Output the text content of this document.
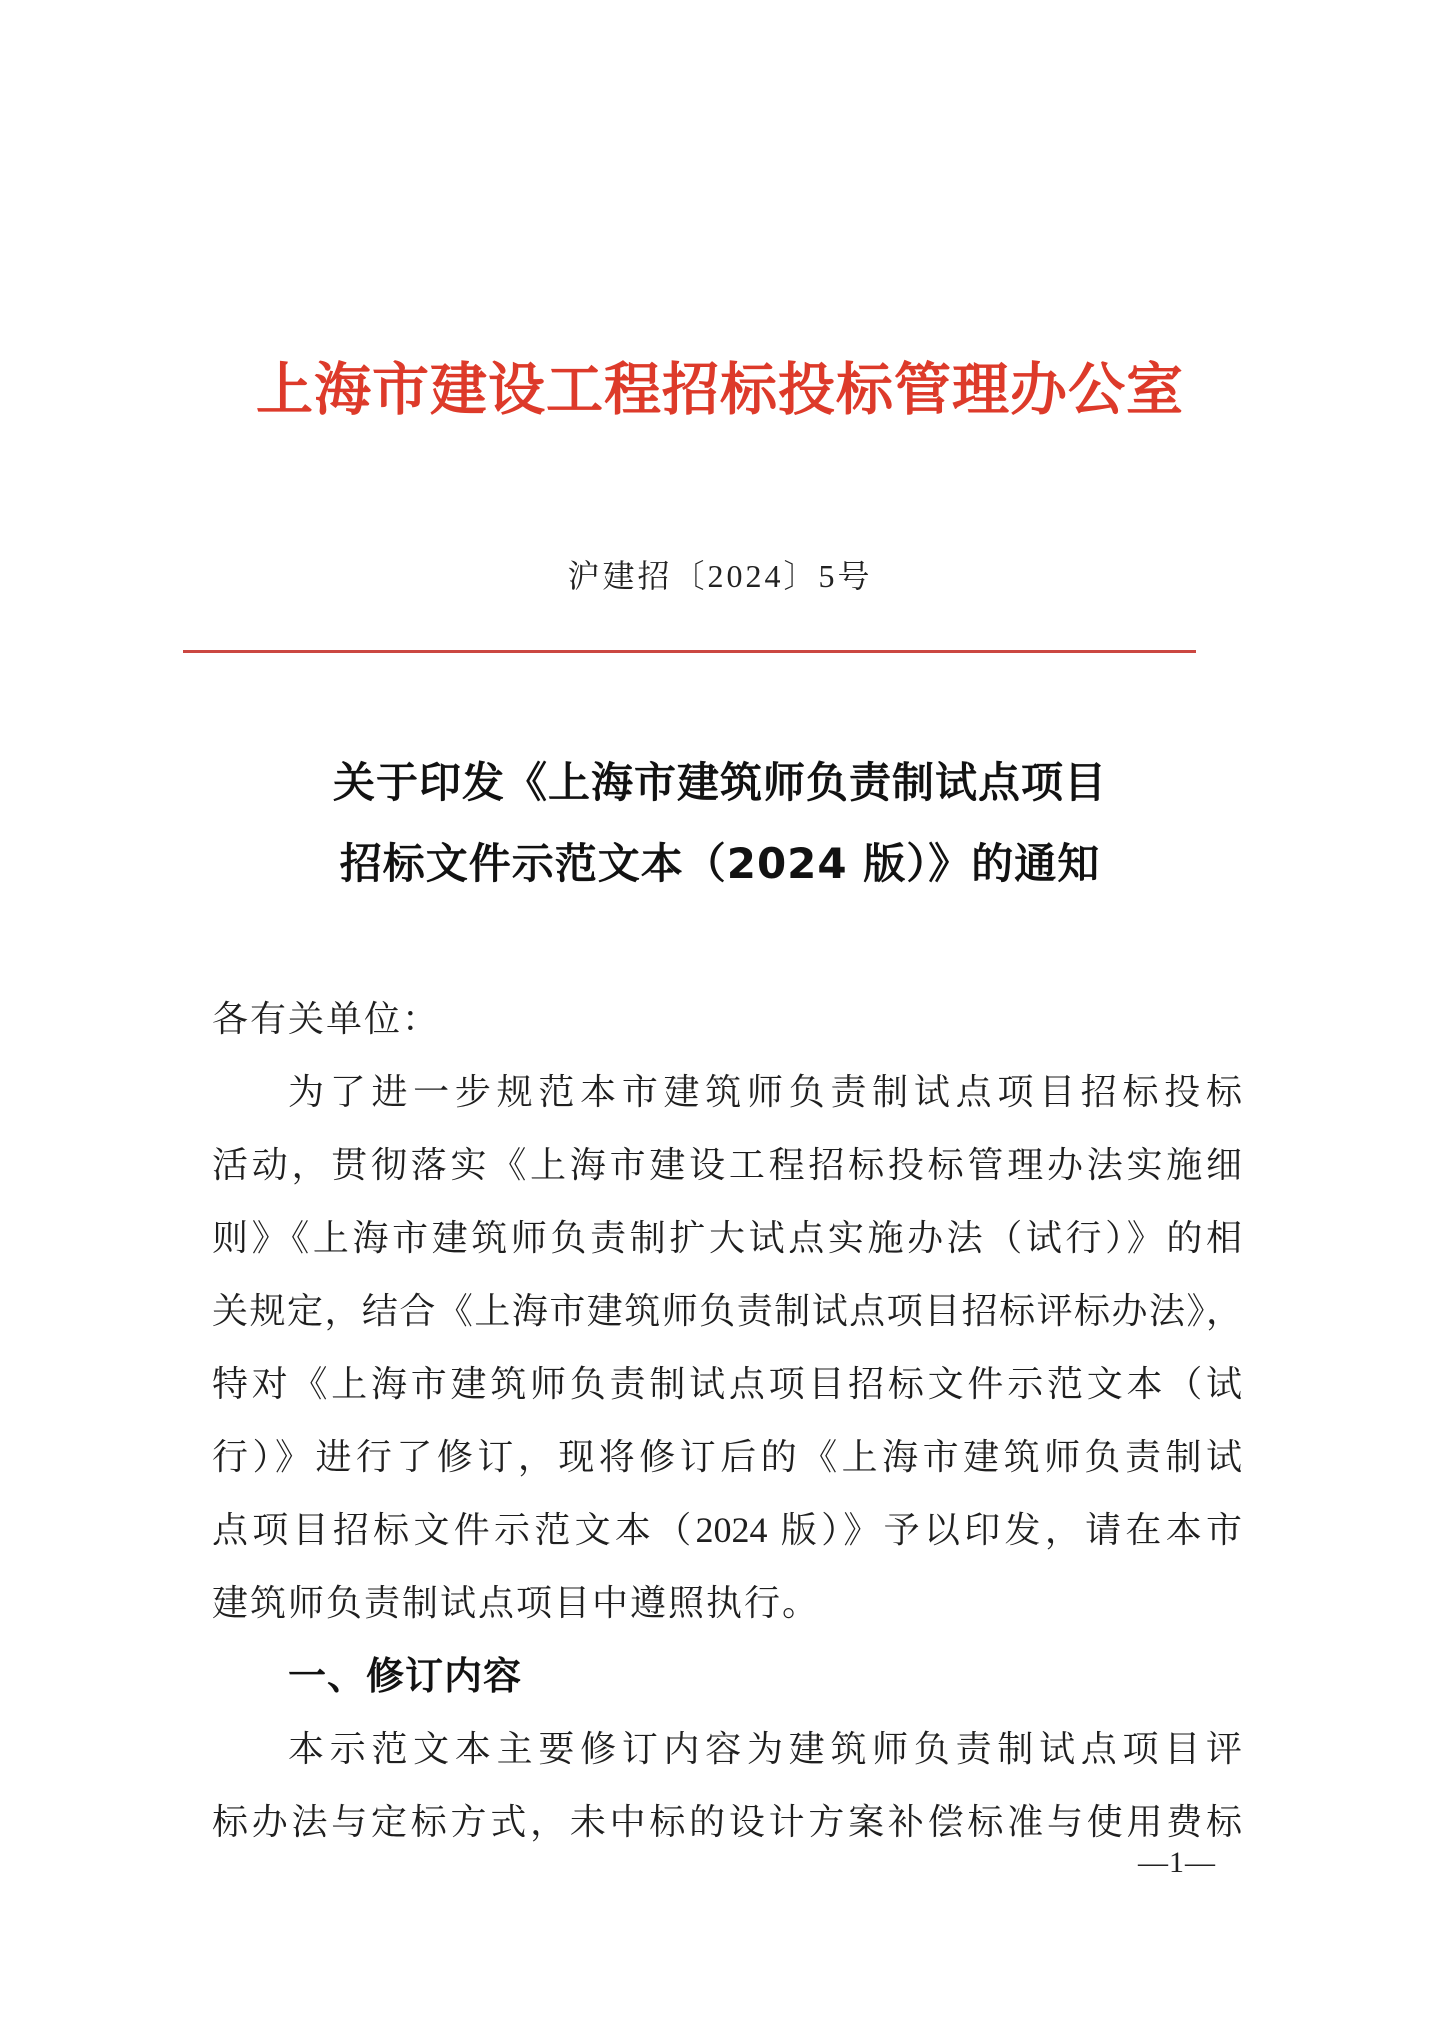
上海市建设工程招标投标管理办公室
沪建招〔2024〕5号
关于印发《上海市建筑师负责制试点项目
招标文件示范文本（2024 版）》的通知
各有关单位：
为了进一步规范本市建筑师负责制试点项目招标投标
活动，贯彻落实《上海市建设工程招标投标管理办法实施细
则》《上海市建筑师负责制扩大试点实施办法（试行）》的相
关规定，结合《上海市建筑师负责制试点项目招标评标办法》，
特对《上海市建筑师负责制试点项目招标文件示范文本（试
行）》进行了修订，现将修订后的《上海市建筑师负责制试
点项目招标文件示范文本（2024 版）》予以印发，请在本市
建筑师负责制试点项目中遵照执行。
一、修订内容
本示范文本主要修订内容为建筑师负责制试点项目评
标办法与定标方式，未中标的设计方案补偿标准与使用费标
—1—
